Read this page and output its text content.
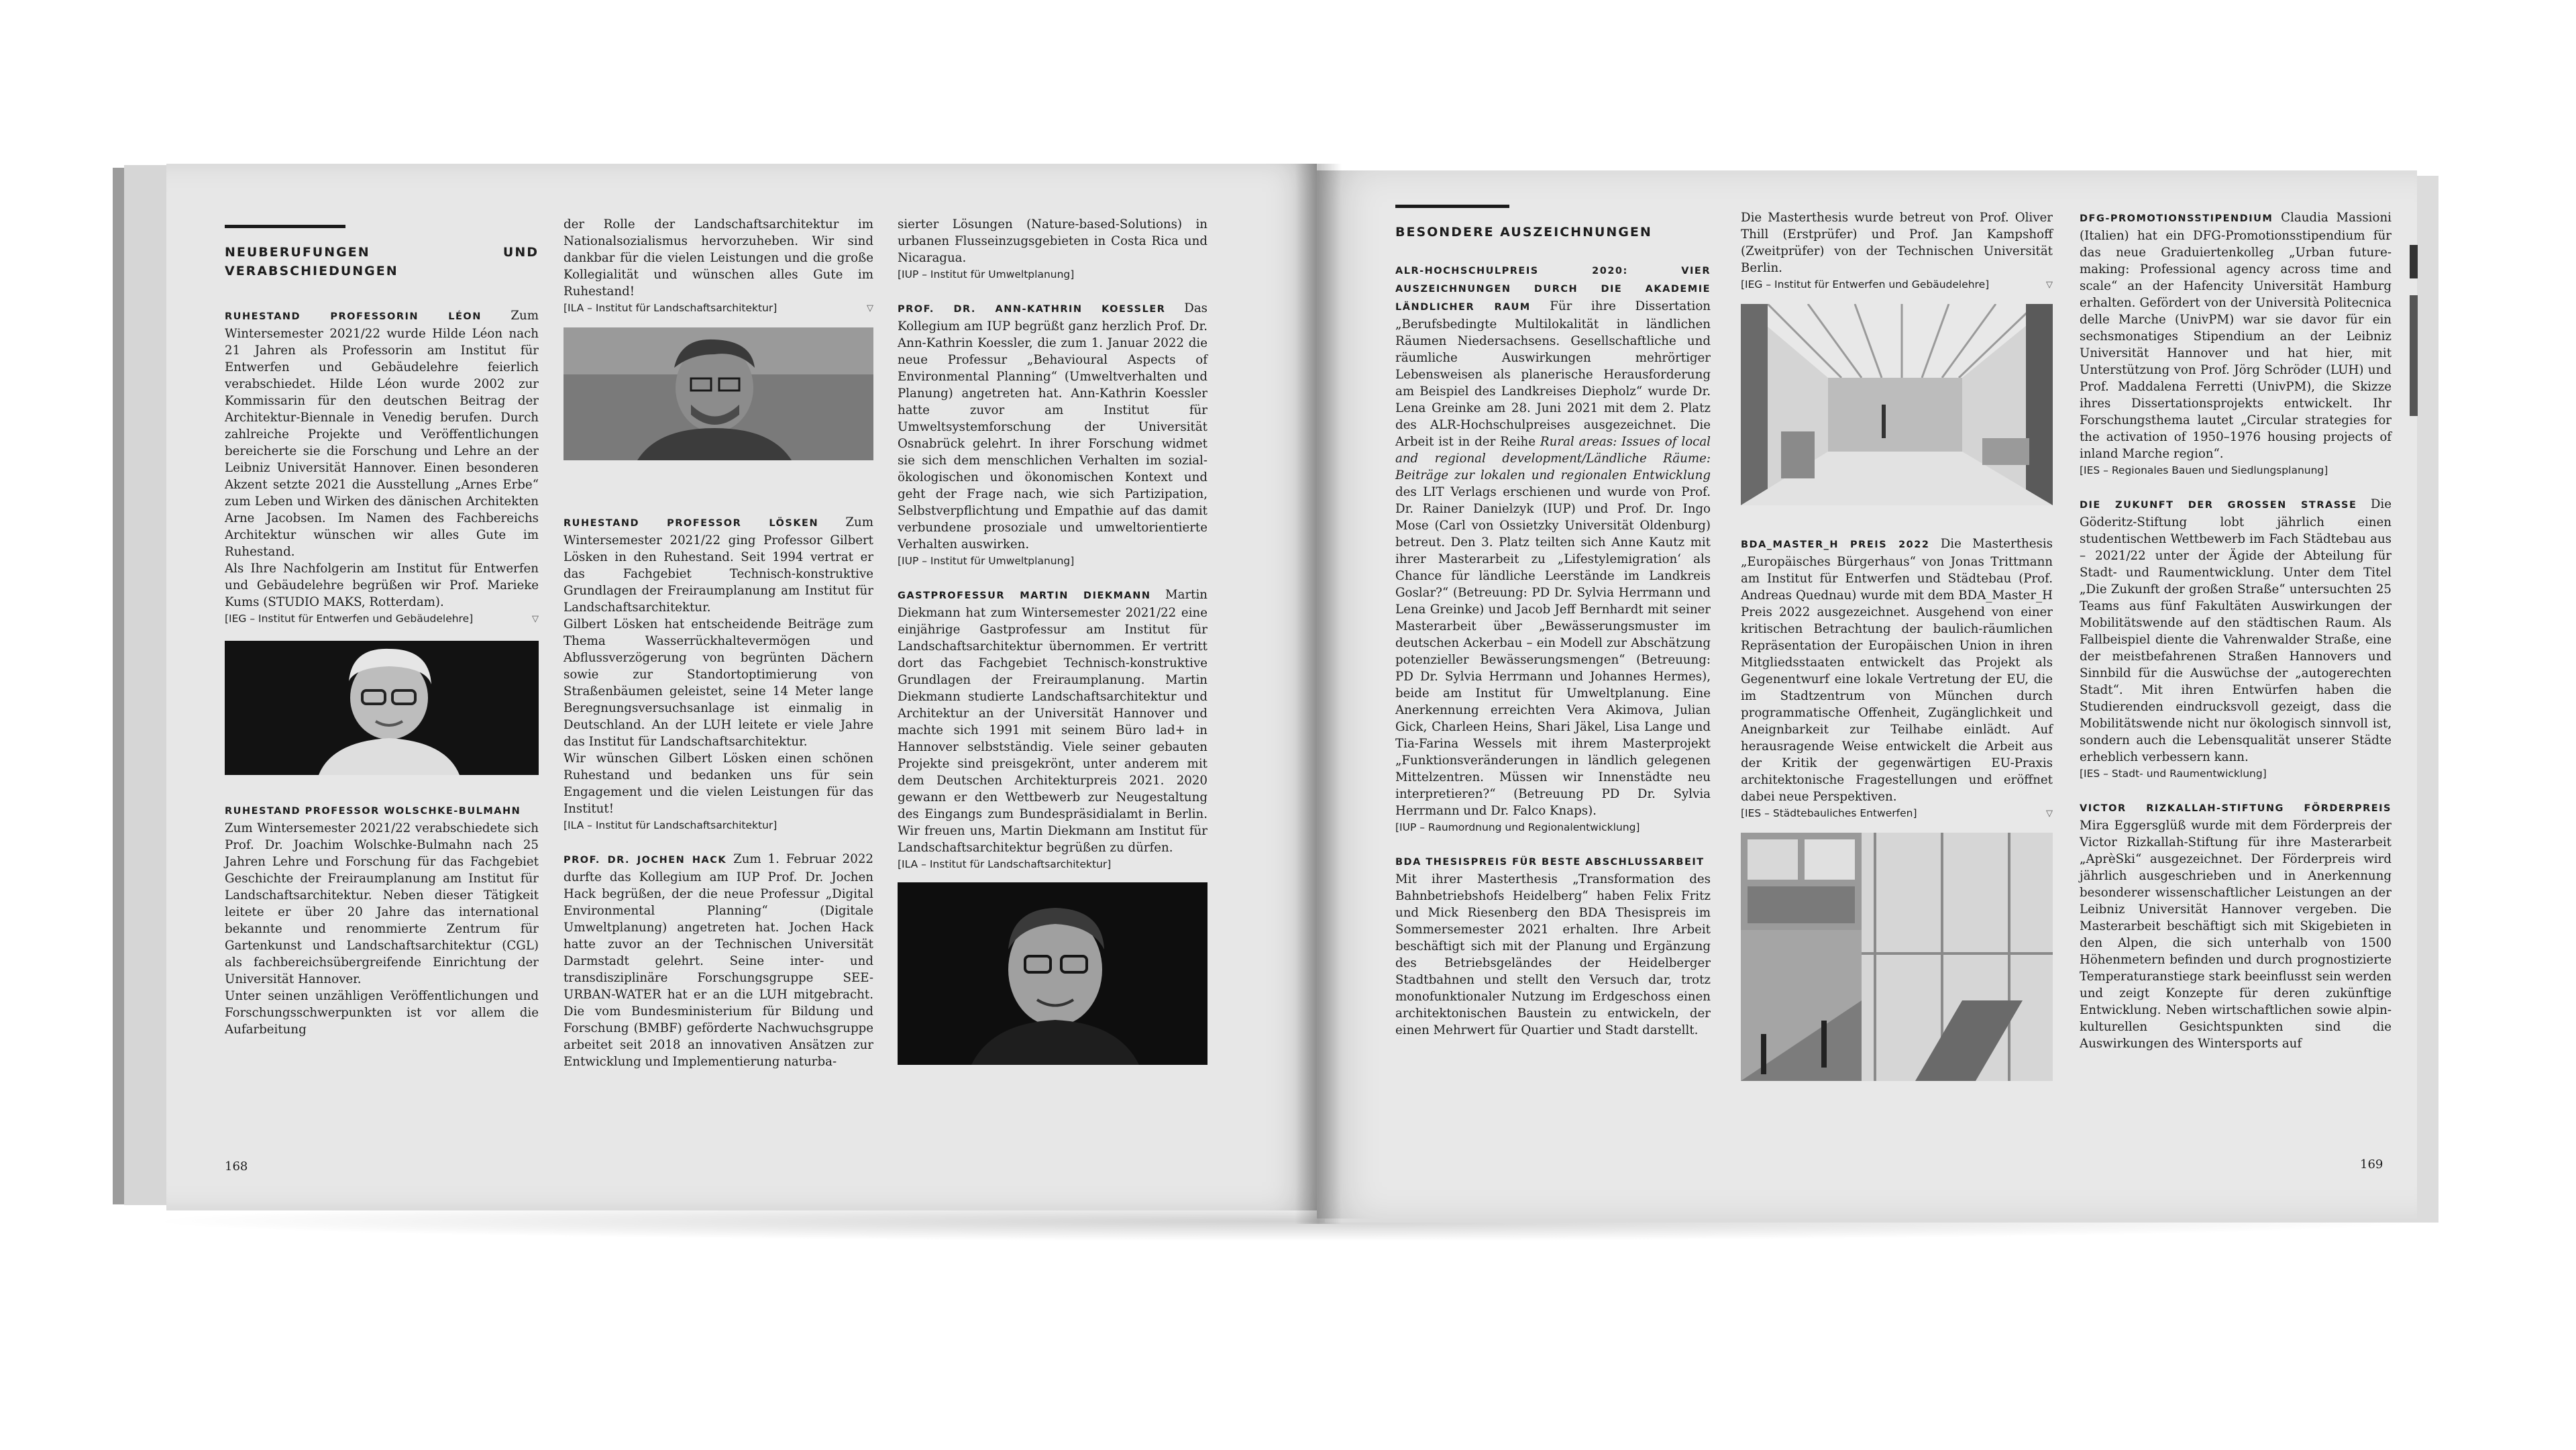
NEUBERUFUNGEN UND VERABSCHIEDUNGEN

RUHESTAND PROFESSORIN LÉON Zum Wintersemester 2021/22 wurde Hilde Léon nach 21 Jahren als Professorin am Institut für Entwerfen und Gebäudelehre feierlich verabschiedet. Hilde Léon wurde 2002 zur Kommissarin für den deutschen Beitrag der Architektur-Biennale in Venedig berufen. Durch zahlreiche Projekte und Veröffentlichungen bereicherte sie die Forschung und Lehre an der Leibniz Universität Hannover. Einen besonderen Akzent setzte 2021 die Ausstellung „Arnes Erbe“ zum Leben und Wirken des dänischen Architekten Arne Jacobsen. Im Namen des Fachbereichs Architektur wünschen wir alles Gute im Ruhestand.

Als Ihre Nachfolgerin am Institut für Entwerfen und Gebäudelehre begrüßen wir Prof. Marieke Kums (STUDIO MAKS, Rotterdam).

[IEG – Institut für Entwerfen und Gebäudelehre]	▽

RUHESTAND PROFESSOR WOLSCHKE-BULMAHN

Zum Wintersemester 2021/22 verabschiedete sich Prof. Dr. Joachim Wolschke-Bulmahn nach 25 Jahren Lehre und Forschung für das Fachgebiet Geschichte der Freiraumplanung am Institut für Landschaftsarchitektur. Neben dieser Tätigkeit leitete er über 20 Jahre das international bekannte und renommierte Zentrum für Gartenkunst und Landschaftsarchitektur (CGL) als fachbereichsübergreifende Einrichtung der Universität Hannover.

Unter seinen unzähligen Veröffentlichungen und Forschungsschwerpunkten ist vor allem die Aufarbeitung

der Rolle der Landschaftsarchitektur im Nationalsozialismus hervorzuheben. Wir sind dankbar für die vielen Leistungen und die große Kollegialität und wünschen alles Gute im Ruhestand!

[ILA – Institut für Landschaftsarchitektur]	▽

RUHESTAND PROFESSOR LÖSKEN Zum Wintersemester 2021/22 ging Professor Gilbert Lösken in den Ruhestand. Seit 1994 vertrat er das Fachgebiet Technisch-konstruktive Grundlagen der Freiraumplanung am Institut für Landschaftsarchitektur.

Gilbert Lösken hat entscheidende Beiträge zum Thema Wasserrückhaltevermögen und Abflussverzögerung von begrünten Dächern sowie zur Standortoptimierung von Straßenbäumen geleistet, seine 14 Meter lange Beregnungsversuchsanlage ist einmalig in Deutschland. An der LUH leitete er viele Jahre das Institut für Landschaftsarchitektur.

Wir wünschen Gilbert Lösken einen schönen Ruhestand und bedanken uns für sein Engagement und die vielen Leistungen für das Institut!

[ILA – Institut für Landschaftsarchitektur]

PROF. DR. JOCHEN HACK Zum 1. Februar 2022 durfte das Kollegium am IUP Prof. Dr. Jochen Hack begrüßen, der die neue Professur „Digital Environmental Planning“ (Digitale Umweltplanung) angetreten hat. Jochen Hack hatte zuvor an der Technischen Universität Darmstadt gelehrt. Seine inter- und transdisziplinäre Forschungsgruppe SEE-URBAN-WATER hat er an die LUH mitgebracht. Die vom Bundesministerium für Bildung und Forschung (BMBF) geförderte Nachwuchsgruppe arbeitet seit 2018 an innovativen Ansätzen zur Entwicklung und Implementierung naturba-

sierter Lösungen (Nature-based-Solutions) in urbanen Flusseinzugsgebieten in Costa Rica und Nicaragua.

[IUP – Institut für Umweltplanung]

PROF. DR. ANN-KATHRIN KOESSLER Das Kollegium am IUP begrüßt ganz herzlich Prof. Dr. Ann-Kathrin Koessler, die zum 1. Januar 2022 die neue Professur „Behavioural Aspects of Environmental Planning“ (Umweltverhalten und Planung) angetreten hat. Ann-Kathrin Koessler hatte zuvor am Institut für Umweltsystemforschung der Universität Osnabrück gelehrt. In ihrer Forschung widmet sie sich dem menschlichen Verhalten im sozial-ökologischen und ökonomischen Kontext und geht der Frage nach, wie sich Partizipation, Selbstverpflichtung und Empathie auf das damit verbundene prosoziale und umweltorientierte Verhalten auswirken.

[IUP – Institut für Umweltplanung]

GASTPROFESSUR MARTIN DIEKMANN Martin Diekmann hat zum Wintersemester 2021/22 eine einjährige Gastprofessur am Institut für Landschaftsarchitektur übernommen. Er vertritt dort das Fachgebiet Technisch-konstruktive Grundlagen der Freiraumplanung. Martin Diekmann studierte Landschaftsarchitektur und Architektur an der Universität Hannover und machte sich 1991 mit seinem Büro lad+ in Hannover selbstständig. Viele seiner gebauten Projekte sind preisgekrönt, unter anderem mit dem Deutschen Architekturpreis 2021. 2020 gewann er den Wettbewerb zur Neugestaltung des Eingangs zum Bundespräsidialamt in Berlin. Wir freuen uns, Martin Diekmann am Institut für Landschaftsarchitektur begrüßen zu dürfen.

[ILA – Institut für Landschaftsarchitektur]
168
BESONDERE AUSZEICHNUNGEN

ALR-HOCHSCHULPREIS 2020: VIER AUSZEICHNUNGEN DURCH DIE AKADEMIE LÄNDLICHER RAUM Für ihre Dissertation „Berufsbedingte Multilokalität in ländlichen Räumen Niedersachsens. Gesellschaftliche und räumliche Auswirkungen mehrörtiger Lebensweisen als planerische Herausforderung am Beispiel des Landkreises Diepholz“ wurde Dr. Lena Greinke am 28. Juni 2021 mit dem 2. Platz des ALR-Hochschulpreises ausgezeichnet. Die Arbeit ist in der Reihe Rural areas: Issues of local and regional development/Ländliche Räume: Beiträge zur lokalen und regionalen Entwicklung des LIT Verlags erschienen und wurde von Prof. Dr. Rainer Danielzyk (IUP) und Prof. Dr. Ingo Mose (Carl von Ossietzky Universität Oldenburg) betreut. Den 3. Platz teilten sich Anne Kautz mit ihrer Masterarbeit zu „Lifestylemigration‘ als Chance für ländliche Leerstände im Landkreis Goslar?“ (Betreuung: PD Dr. Sylvia Herrmann und Lena Greinke) und Jacob Jeff Bernhardt mit seiner Masterarbeit über „Bewässerungsmuster im deutschen Ackerbau – ein Modell zur Abschätzung potenzieller Bewässerungsmengen“ (Betreuung: PD Dr. Sylvia Herrmann und Johannes Hermes), beide am Institut für Umweltplanung. Eine Anerkennung erreichten Vera Akimova, Julian Gick, Charleen Heins, Shari Jäkel, Lisa Lange und Tia-Farina Wessels mit ihrem Masterprojekt „Funktionsveränderungen in ländlich gelegenen Mittelzentren. Müssen wir Innenstädte neu interpretieren?“ (Betreuung PD Dr. Sylvia Herrmann und Dr. Falco Knaps).

[IUP – Raumordnung und Regionalentwicklung]

BDA THESISPREIS FÜR BESTE ABSCHLUSSARBEIT

Mit ihrer Masterthesis „Transformation des Bahnbetriebshofs Heidelberg“ haben Felix Fritz und Mick Riesenberg den BDA Thesispreis im Sommersemester 2021 erhalten. Ihre Arbeit beschäftigt sich mit der Planung und Ergänzung des Betriebsgeländes der Heidelberger Stadtbahnen und stellt den Versuch dar, trotz monofunktionaler Nutzung im Erdgeschoss einen architektonischen Baustein zu entwickeln, der einen Mehrwert für Quartier und Stadt darstellt.

Die Masterthesis wurde betreut von Prof. Oliver Thill (Erstprüfer) und Prof. Jan Kampshoff (Zweitprüfer) von der Technischen Universität Berlin.

[IEG – Institut für Entwerfen und Gebäudelehre]	▽

BDA_MASTER_H PREIS 2022 Die Masterthesis „Europäisches Bürgerhaus“ von Jonas Trittmann am Institut für Entwerfen und Städtebau (Prof. Andreas Quednau) wurde mit dem BDA_Master_H Preis 2022 ausgezeichnet. Ausgehend von einer kritischen Betrachtung der baulich-räumlichen Repräsentation der Europäischen Union in ihren Mitgliedsstaaten entwickelt das Projekt als Gegenentwurf eine lokale Vertretung der EU, die im Stadtzentrum von München durch programmatische Offenheit, Zugänglichkeit und Aneignbarkeit zur Teilhabe einlädt. Auf herausragende Weise entwickelt die Arbeit aus der Kritik der gegenwärtigen EU-Praxis architektonische Fragestellungen und eröffnet dabei neue Perspektiven.

[IES – Städtebauliches Entwerfen]	▽

DFG-PROMOTIONSSTIPENDIUM Claudia Massioni (Italien) hat ein DFG-Promotionsstipendium für das neue Graduiertenkolleg „Urban future-making: Professional agency across time and scale“ an der Hafencity Universität Hamburg erhalten. Gefördert von der Università Politecnica delle Marche (UnivPM) war sie davor für ein sechsmonatiges Stipendium an der Leibniz Universität Hannover und hat hier, mit Unterstützung von Prof. Jörg Schröder (LUH) und Prof. Maddalena Ferretti (UnivPM), die Skizze ihres Dissertationsprojekts entwickelt. Ihr Forschungsthema lautet „Circular strategies for the activation of 1950–1976 housing projects of inland Marche region“.

[IES – Regionales Bauen und Siedlungsplanung]

DIE ZUKUNFT DER GROSSEN STRASSE Die Göderitz-Stiftung lobt jährlich einen studentischen Wettbewerb im Fach Städtebau aus – 2021/22 unter der Ägide der Abteilung für Stadt- und Raumentwicklung. Unter dem Titel „Die Zukunft der großen Straße“ untersuchten 25 Teams aus fünf Fakultäten Auswirkungen der Mobilitätswende auf den städtischen Raum. Als Fallbeispiel diente die Vahrenwalder Straße, eine der meistbefahrenen Straßen Hannovers und Sinnbild für die Auswüchse der „autogerechten Stadt“. Mit ihren Entwürfen haben die Studierenden eindrucksvoll gezeigt, dass die Mobilitätswende nicht nur ökologisch sinnvoll ist, sondern auch die Lebensqualität unserer Städte erheblich verbessern kann.

[IES – Stadt- und Raumentwicklung]

VICTOR RIZKALLAH-STIFTUNG FÖRDERPREIS Mira Eggersglüß wurde mit dem Förderpreis der Victor Rizkallah-Stiftung für ihre Masterarbeit „AprèSki“ ausgezeichnet. Der Förderpreis wird jährlich ausgeschrieben und in Anerkennung besonderer wissenschaftlicher Leistungen an der Leibniz Universität Hannover vergeben. Die Masterarbeit beschäftigt sich mit Skigebieten in den Alpen, die sich unterhalb von 1500 Höhenmetern befinden und durch prognostizierte Temperaturanstiege stark beeinflusst sein werden und zeigt Konzepte für deren zukünftige Entwicklung. Neben wirtschaftlichen sowie alpin-kulturellen Gesichtspunkten sind die Auswirkungen des Wintersports auf

169
